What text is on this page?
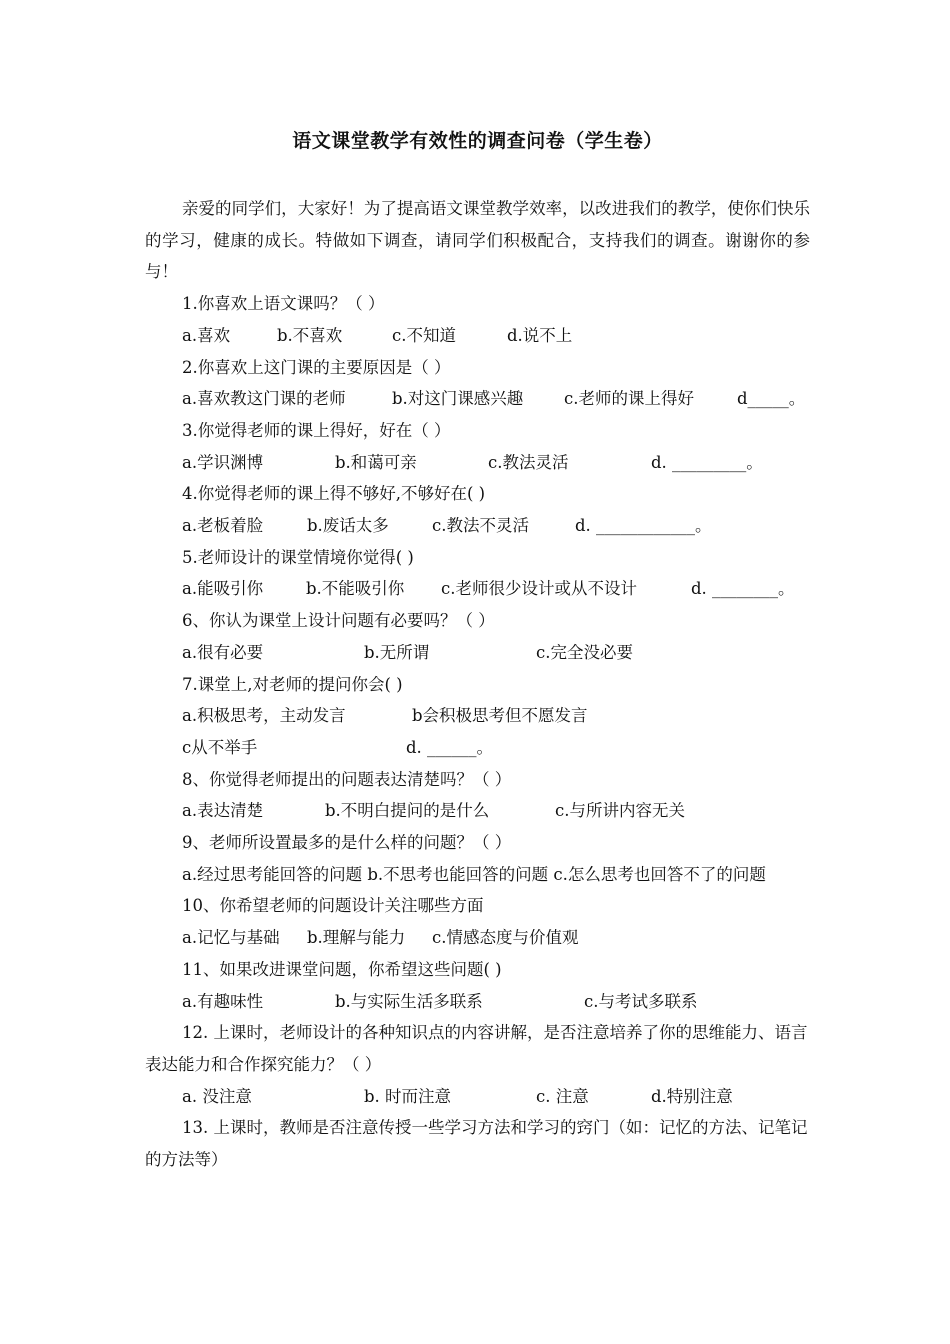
语文课堂教学有效性的调查问卷（学生卷）

亲爱的同学们，大家好！为了提高语文课堂教学效率，以改进我们的教学，使你们快乐的学习，健康的成长。特做如下调查，请同学们积极配合，支持我们的调查。谢谢你的参与！

1.你喜欢上语文课吗？（ ）

a.喜欢	b.不喜欢	c.不知道	d.说不上

2.你喜欢上这门课的主要原因是（ ）

a.喜欢教这门课的老师	b.对这门课感兴趣 c.老师的课上得好	d_____。

3.你觉得老师的课上得好，好在（ ）

a.学识渊博	b.和蔼可亲	c.教法灵活	d. _________。

4.你觉得老师的课上得不够好,不够好在( )

a.老板着脸	b.废话太多	c.教法不灵活	d. ____________。

5.老师设计的课堂情境你觉得( )

a.能吸引你	b.不能吸引你 c.老师很少设计或从不设计	d. ________。

6、你认为课堂上设计问题有必要吗？（ ）

a.很有必要	b.无所谓	c.完全没必要

7.课堂上,对老师的提问你会( )

a.积极思考，主动发言	b会积极思考但不愿发言

c从不举手	d. ______。

8、你觉得老师提出的问题表达清楚吗？（ ）

a.表达清楚	b.不明白提问的是什么	c.与所讲内容无关

9、老师所设置最多的是什么样的问题？（ ）

a.经过思考能回答的问题 b.不思考也能回答的问题 c.怎么思考也回答不了的问题

10、你希望老师的问题设计关注哪些方面

a.记忆与基础 b.理解与能力 c.情感态度与价值观

11、如果改进课堂问题，你希望这些问题( )

a.有趣味性	b.与实际生活多联系	c.与考试多联系

12. 上课时，老师设计的各种知识点的内容讲解，是否注意培养了你的思维能力、语言表达能力和合作探究能力？（ ）

a. 没注意	b. 时而注意	c. 注意	d.特别注意

13. 上课时，教师是否注意传授一些学习方法和学习的窍门（如：记忆的方法、记笔记的方法等）
